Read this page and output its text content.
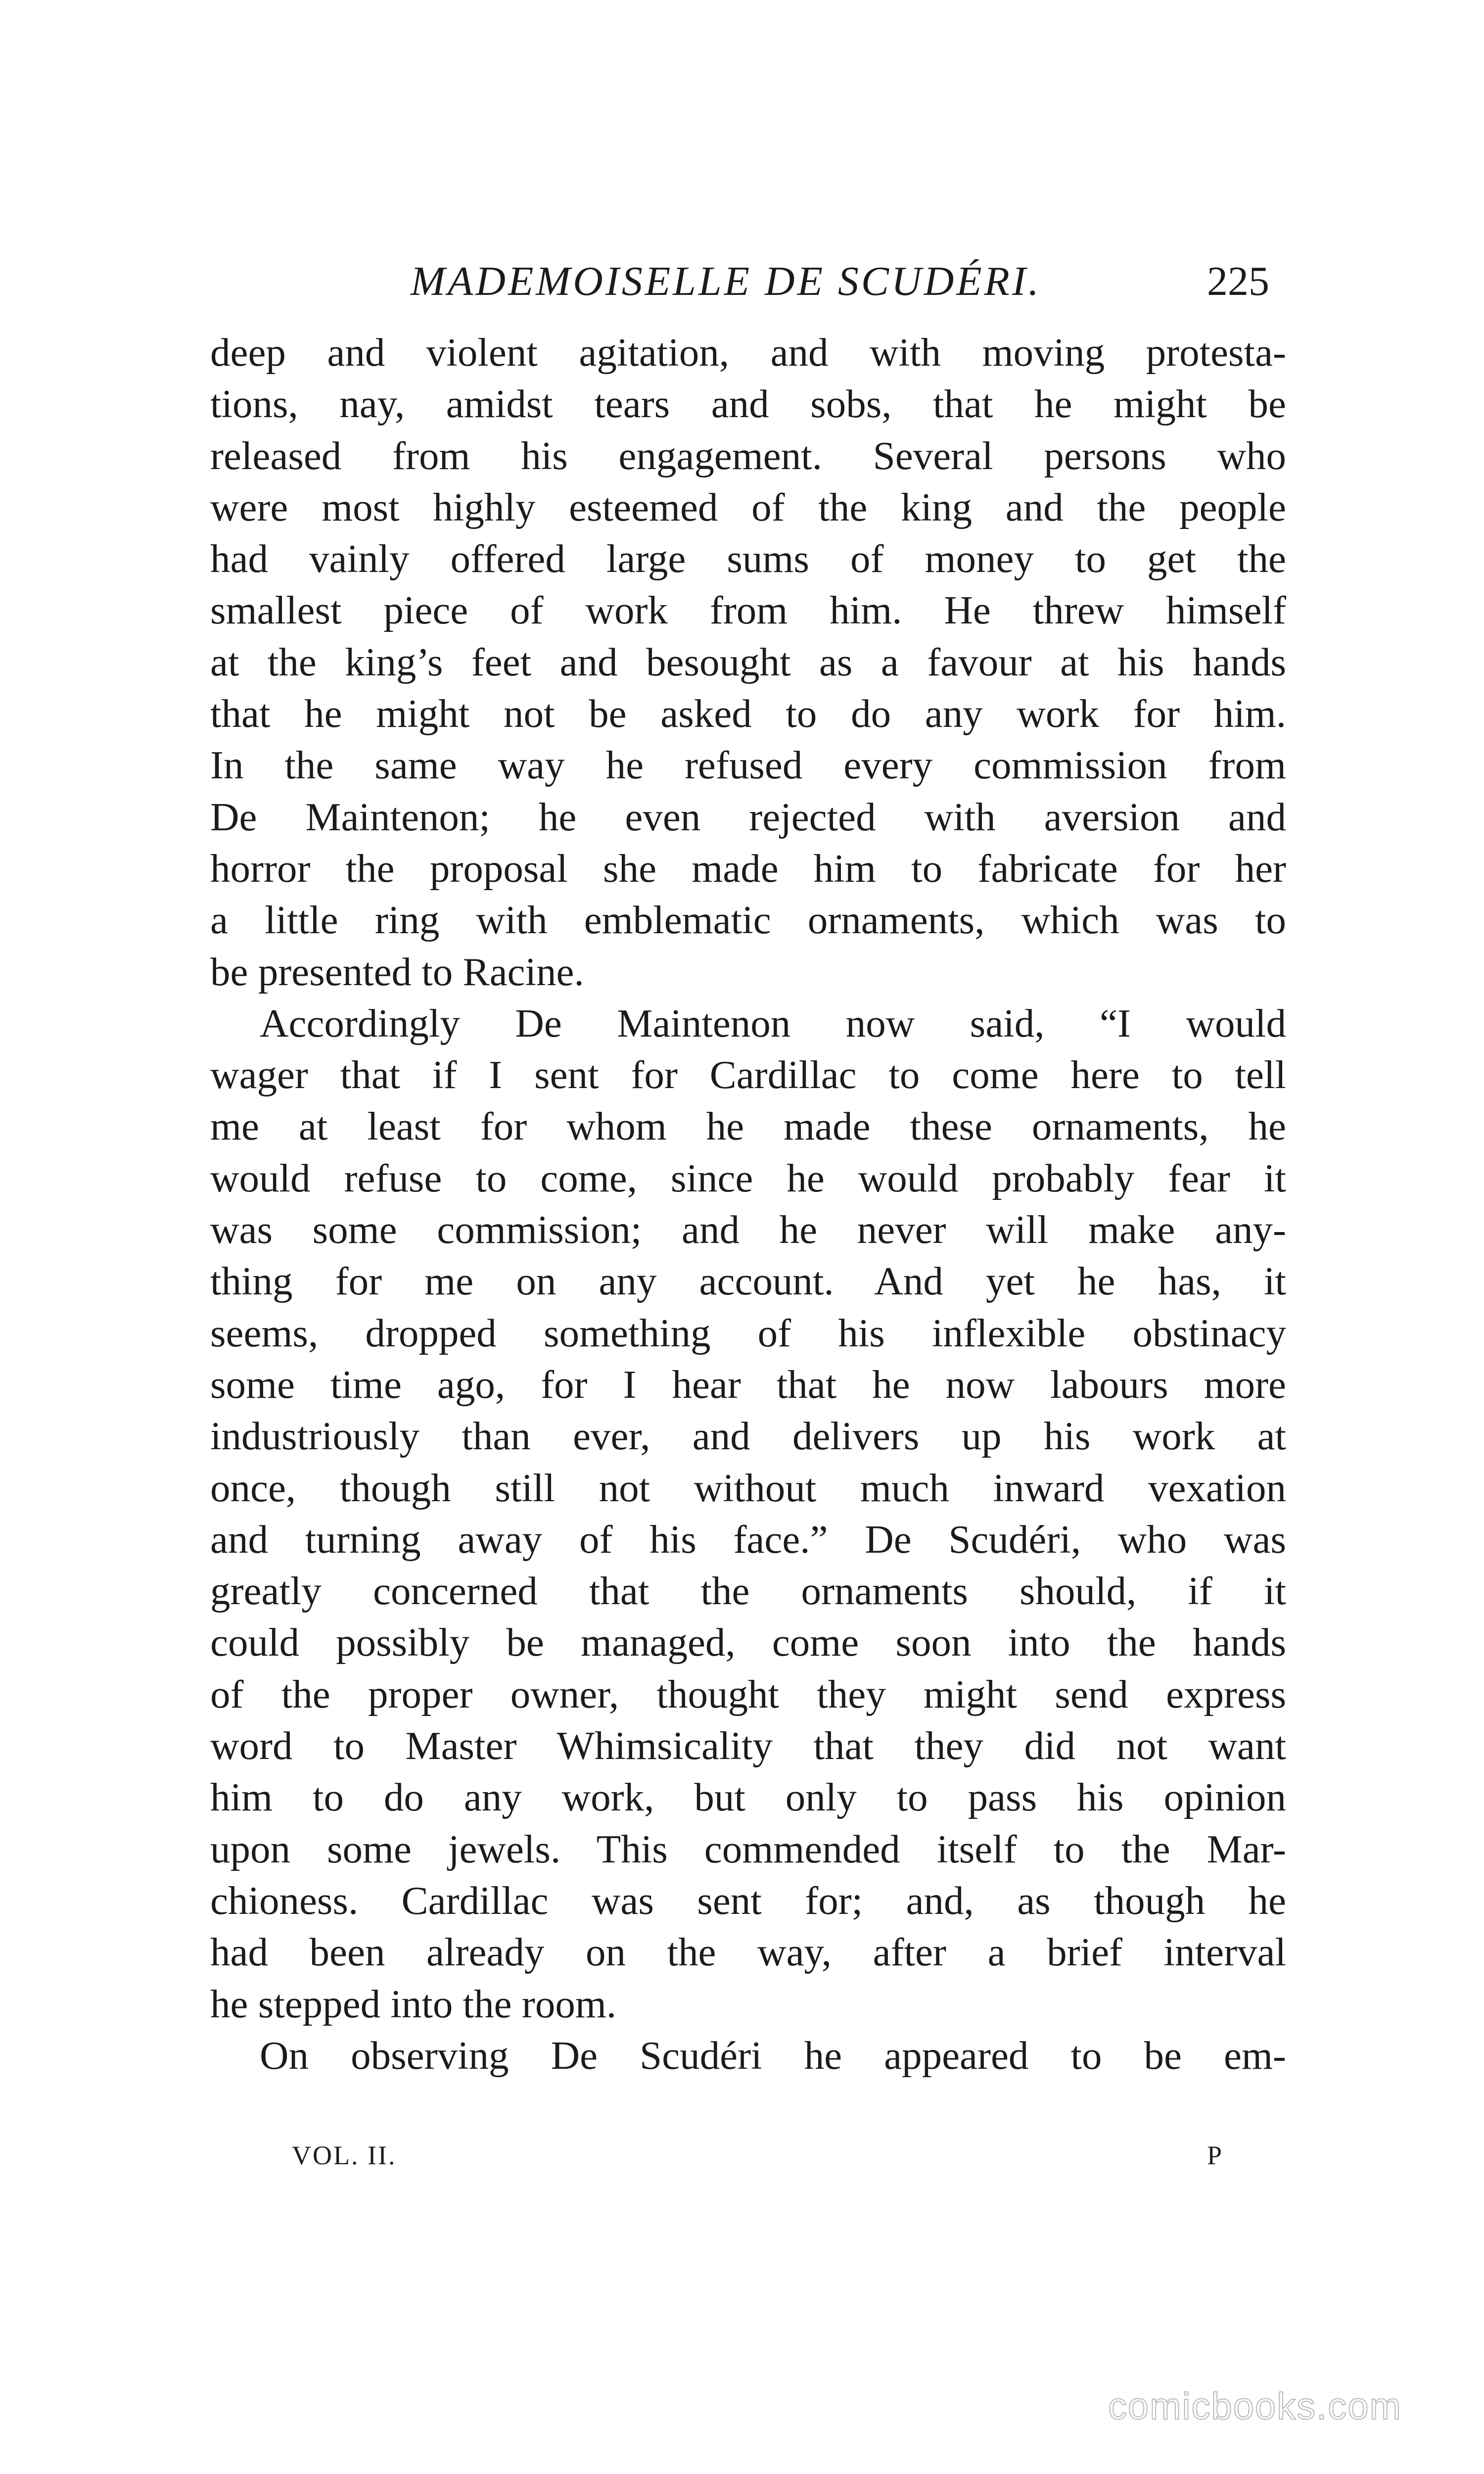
MADEMOISELLE DE SCUDÉRI.	225
deep and violent agitation, and with moving protesta-
tions, nay, amidst tears and sobs, that he might be
released from his engagement. Several persons who
were most highly esteemed of the king and the people
had vainly offered large sums of money to get the
smallest piece of work from him. He threw himself
at the king’s feet and besought as a favour at his hands
that he might not be asked to do any work for him.
In the same way he refused every commission from
De Maintenon; he even rejected with aversion and
horror the proposal she made him to fabricate for her
a little ring with emblematic ornaments, which was to
be presented to Racine.
Accordingly De Maintenon now said, “I would
wager that if I sent for Cardillac to come here to tell
me at least for whom he made these ornaments, he
would refuse to come, since he would probably fear it
was some commission; and he never will make any-
thing for me on any account. And yet he has, it
seems, dropped something of his inflexible obstinacy
some time ago, for I hear that he now labours more
industriously than ever, and delivers up his work at
once, though still not without much inward vexation
and turning away of his face.” De Scudéri, who was
greatly concerned that the ornaments should, if it
could possibly be managed, come soon into the hands
of the proper owner, thought they might send express
word to Master Whimsicality that they did not want
him to do any work, but only to pass his opinion
upon some jewels. This commended itself to the Mar-
chioness. Cardillac was sent for; and, as though he
had been already on the way, after a brief interval
he stepped into the room.
On observing De Scudéri he appeared to be em-
VOL. II.	P
comicbooks.com
